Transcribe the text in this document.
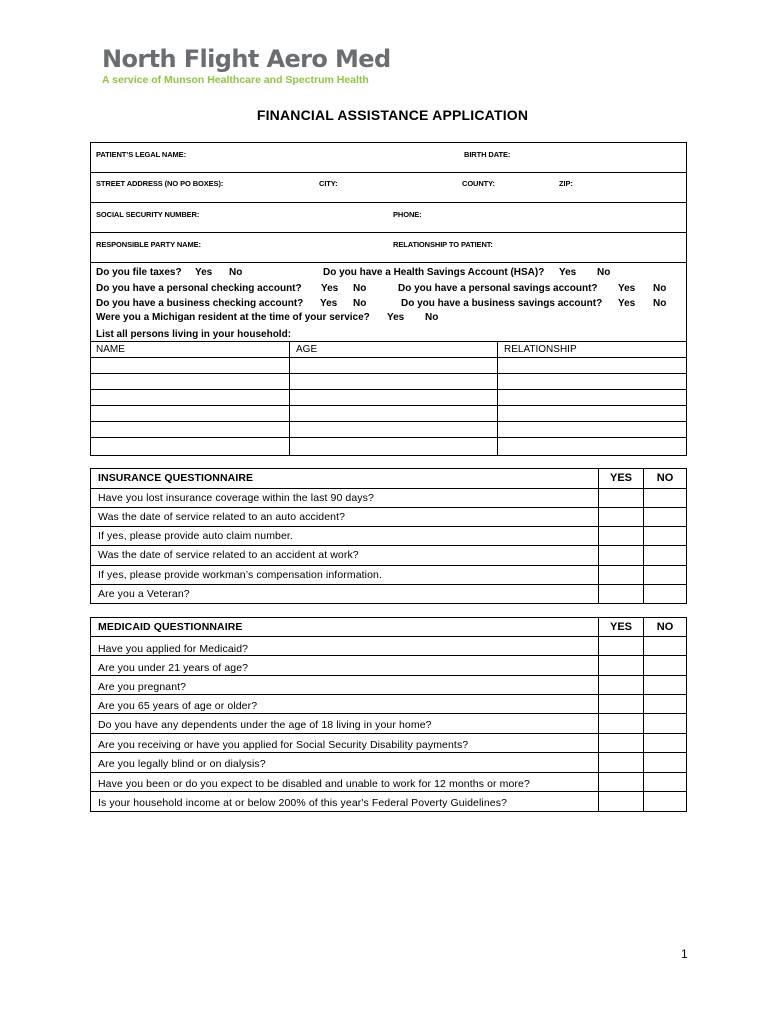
North Flight Aero Med
A service of Munson Healthcare and Spectrum Health
FINANCIAL ASSISTANCE APPLICATION
PATIENT’S LEGAL NAME:	BIRTH DATE:
STREET ADDRESS (NO PO BOXES):	CITY:	COUNTY:	ZIP:
SOCIAL SECURITY NUMBER:	PHONE:
RESPONSIBLE PARTY NAME:	RELATIONSHIP TO PATIENT:
Do you file taxes? Yes No	Do you have a Health Savings Account (HSA)? Yes No
Do you have a personal checking account? Yes No	Do you have a personal savings account? Yes No
Do you have a business checking account? Yes No	Do you have a business savings account? Yes No
Were you a Michigan resident at the time of your service? Yes No
List all persons living in your household:
NAME	AGE	RELATIONSHIP
INSURANCE QUESTIONNAIRE	YES	NO
Have you lost insurance coverage within the last 90 days?
Was the date of service related to an auto accident?
If yes, please provide auto claim number.
Was the date of service related to an accident at work?
If yes, please provide workman’s compensation information.
Are you a Veteran?
MEDICAID QUESTIONNAIRE	YES	NO
Have you applied for Medicaid?
Are you under 21 years of age?
Are you pregnant?
Are you 65 years of age or older?
Do you have any dependents under the age of 18 living in your home?
Are you receiving or have you applied for Social Security Disability payments?
Are you legally blind or on dialysis?
Have you been or do you expect to be disabled and unable to work for 12 months or more?
Is your household income at or below 200% of this year's Federal Poverty Guidelines?
1
